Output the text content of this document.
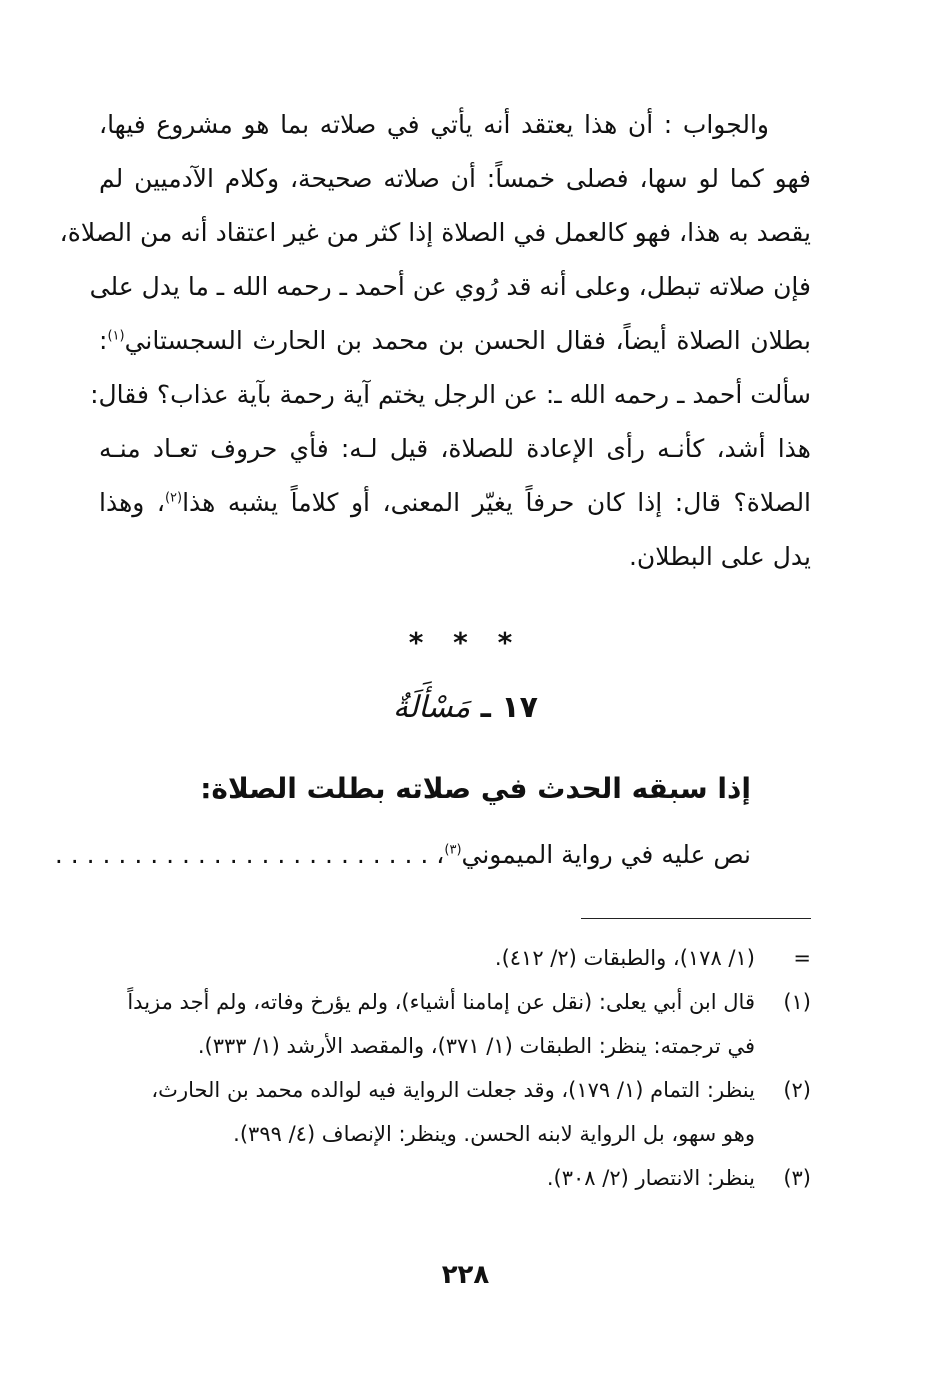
والجواب : أن هذا يعتقد أنه يأتي في صلاته بما هو مشروع فيها،
فهو كما لو سها، فصلى خمساً: أن صلاته صحيحة، وكلام الآدميين لم
يقصد به هذا، فهو كالعمل في الصلاة إذا كثر من غير اعتقاد أنه من الصلاة،
فإن صلاته تبطل، وعلى أنه قد رُوي عن أحمد ـ رحمه الله ـ ما يدل على
بطلان الصلاة أيضاً، فقال الحسن بن محمد بن الحارث السجستاني$^{(١)}$:
سألت أحمد ـ رحمه الله ـ: عن الرجل يختم آية رحمة بآية عذاب؟ فقال:
هذا أشد، كأنـه رأى الإعادة للصلاة، قيل لـه: فأي حروف تعـاد منـه
الصلاة؟ قال: إذا كان حرفاً يغيّر المعنى، أو كلاماً يشبه هذا$^{(٢)}$، وهذا
يدل على البطلان.
* * *
١٧ ـ مَسْأَلَةٌ
إذا سبقه الحدث في صلاته بطلت الصلاة:
نص عليه في رواية الميموني$^{(٣)}$، . . . . . . . . . . . . . . . . . . . . . . . .
=
(١/ ١٧٨)، والطبقات (٢/ ٤١٢).
(١)
قال ابن أبي يعلى: (نقل عن إمامنا أشياء)، ولم يؤرخ وفاته، ولم أجد مزيداً
في ترجمته: ينظر: الطبقات (١/ ٣٧١)، والمقصد الأرشد (١/ ٣٣٣).
(٢)
ينظر: التمام (١/ ١٧٩)، وقد جعلت الرواية فيه لوالده محمد بن الحارث،
وهو سهو، بل الرواية لابنه الحسن. وينظر: الإنصاف (٤/ ٣٩٩).
(٣)
ينظر: الانتصار (٢/ ٣٠٨).
٢٢٨
